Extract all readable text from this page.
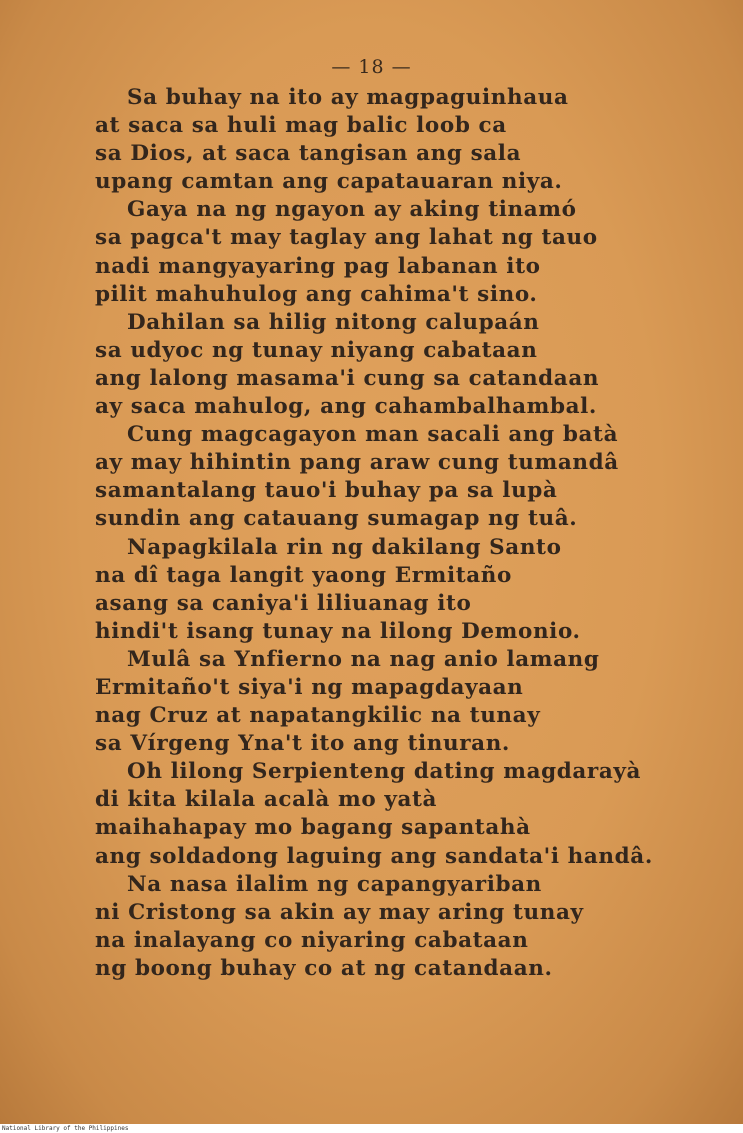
— 18 —
Sa buhay na ito ay magpaguinhaua
at saca sa huli mag balic loob ca
sa Dios, at saca tangisan ang sala
upang camtan ang capatauaran niya.
Gaya na ng ngayon ay aking tinamó
sa pagca't may taglay ang lahat ng tauo
nadi mangyayaring pag labanan ito
pilit mahuhulog ang cahima't sino.
Dahilan sa hilig nitong calupaán
sa udyoc ng tunay niyang cabataan
ang lalong masama'i cung sa catandaan
ay saca mahulog, ang cahambalhambal.
Cung magcagayon man sacali ang batà
ay may hihintin pang araw cung tumandâ
samantalang tauo'i buhay pa sa lupà
sundin ang catauang sumagap ng tuâ.
Napagkilala rin ng dakilang Santo
na dî taga langit yaong Ermitaño
asang sa caniya'i liliuanag ito
hindi't isang tunay na lilong Demonio.
Mulâ sa Ynfierno na nag anio lamang
Ermitaño't siya'i ng mapagdayaan
nag Cruz at napatangkilic na tunay
sa Vírgeng Yna't ito ang tinuran.
Oh lilong Serpienteng dating magdarayà
di kita kilala acalà mo yatà
maihahapay mo bagang sapantahà
ang soldadong laguing ang sandata'i handâ.
Na nasa ilalim ng capangyariban
ni Cristong sa akin ay may aring tunay
na inalayang co niyaring cabataan
ng boong buhay co at ng catandaan.
National Library of the Philippines
